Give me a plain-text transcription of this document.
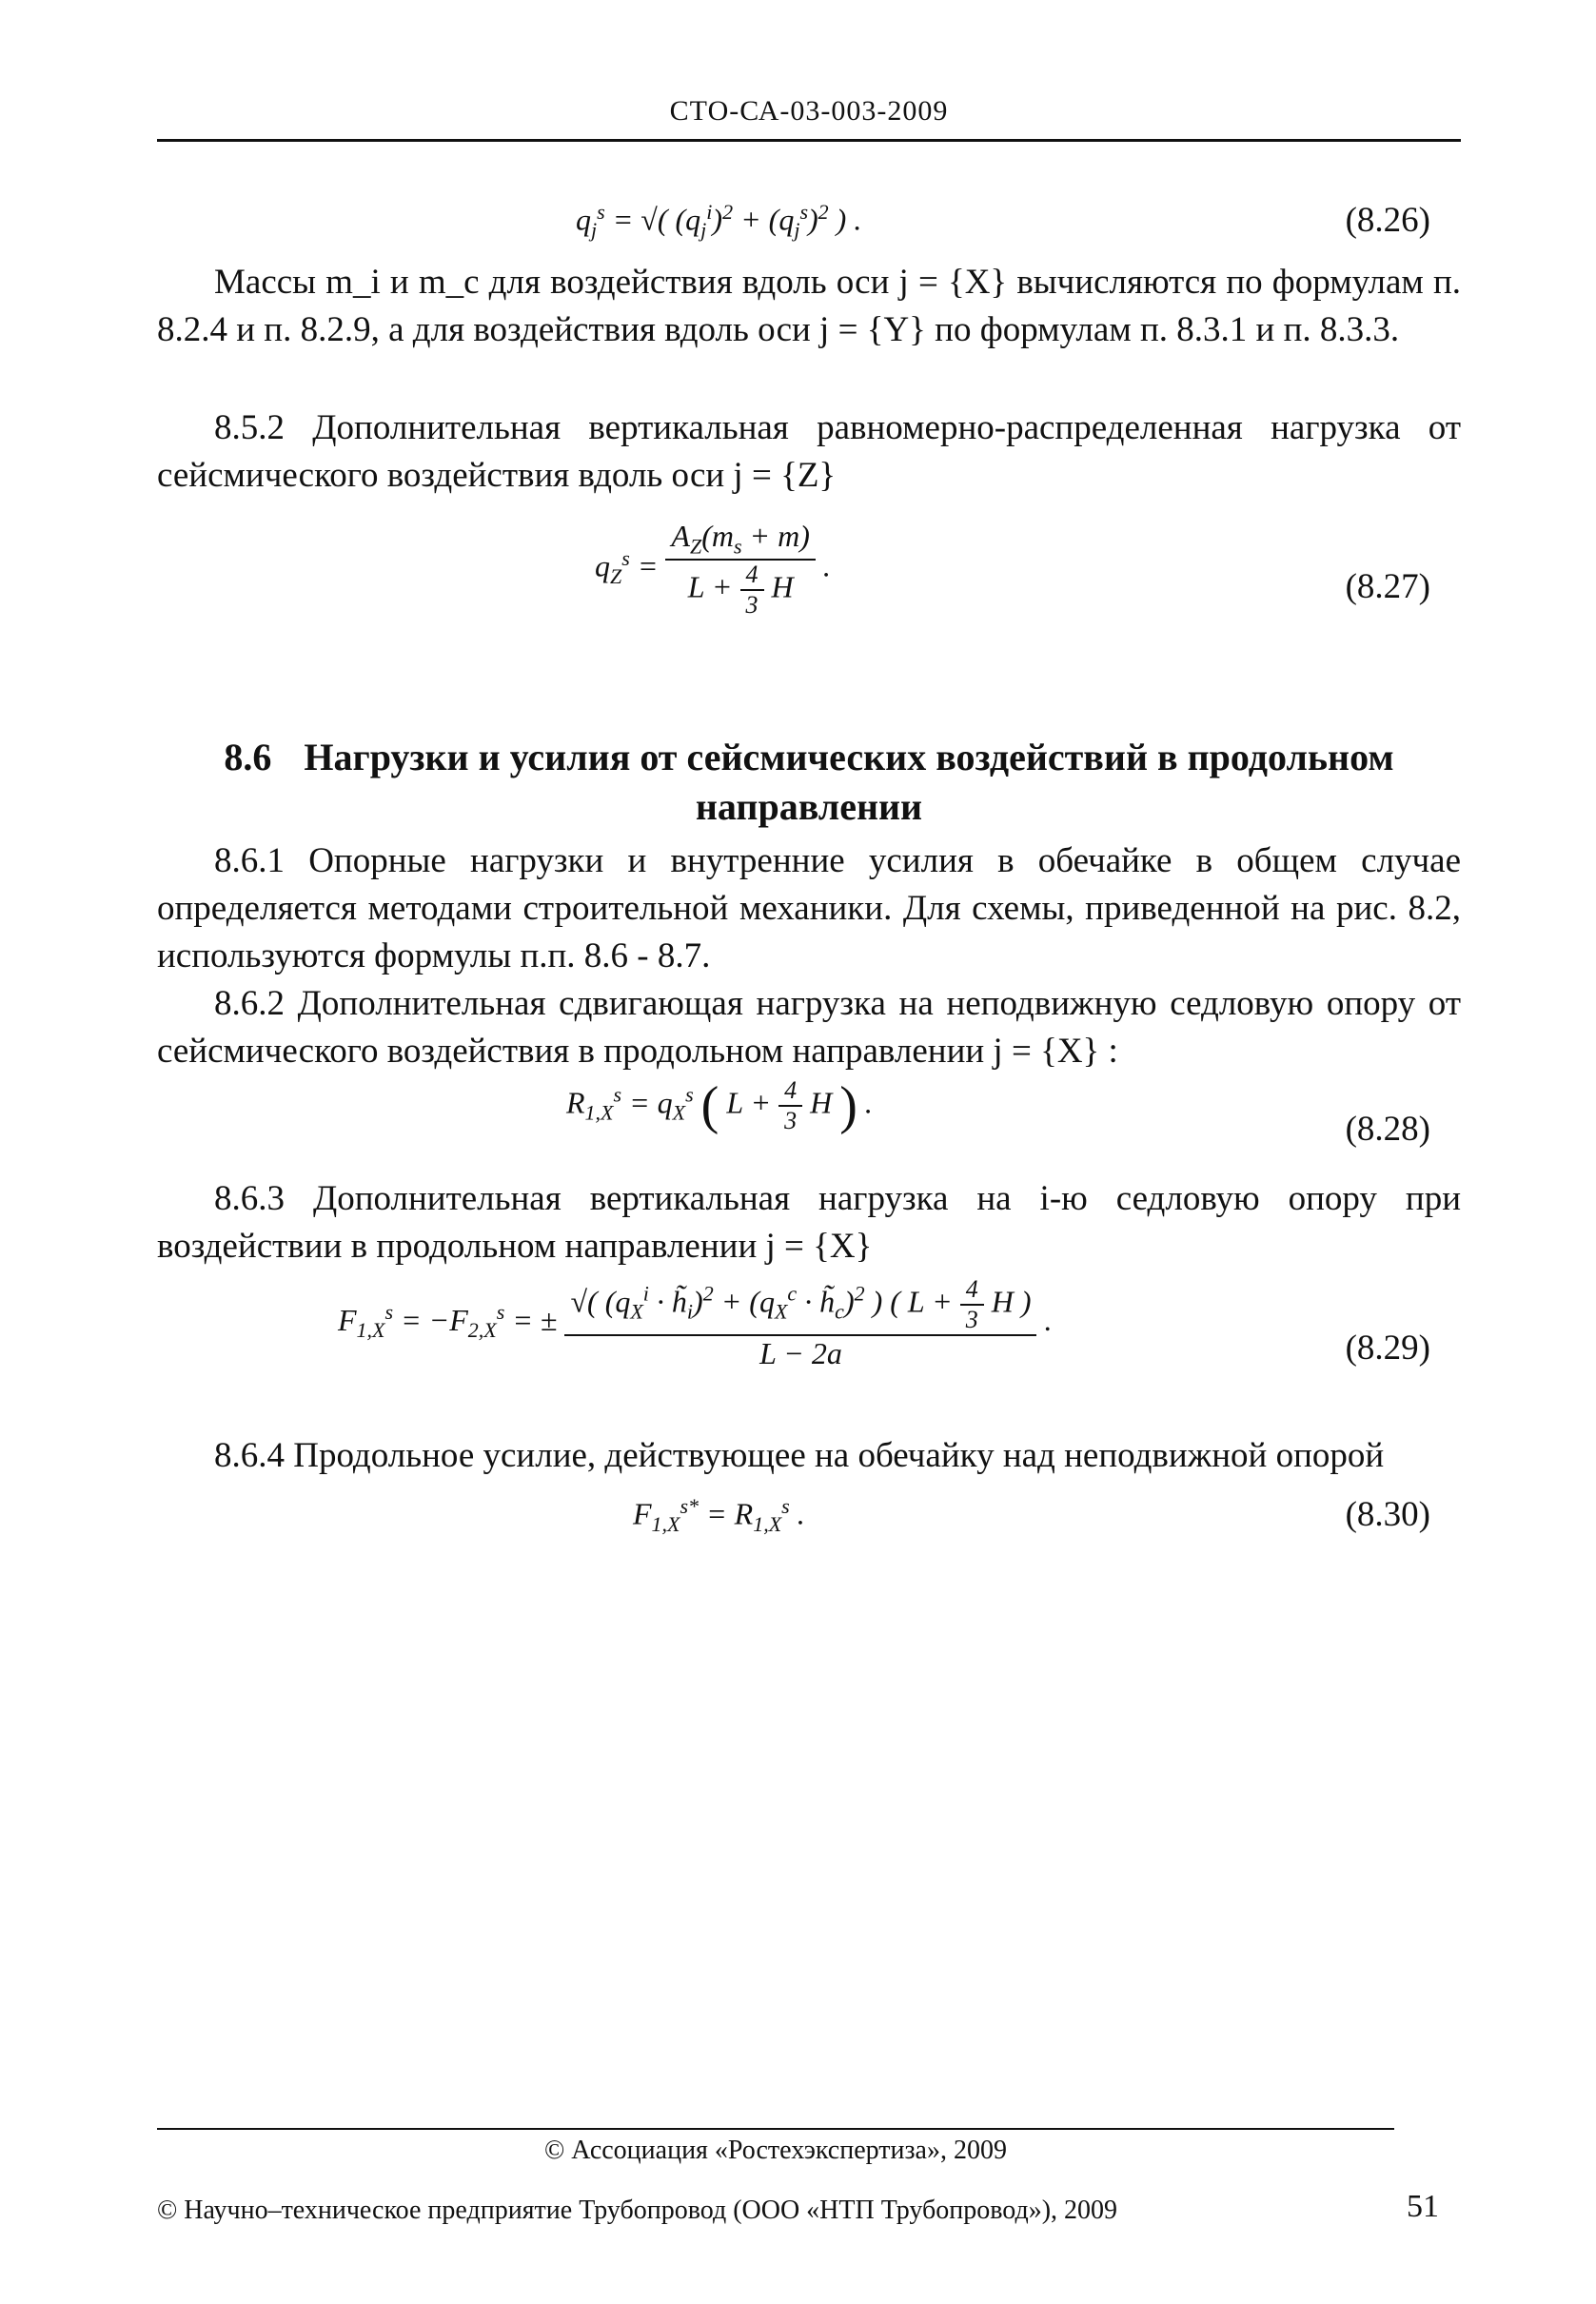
СТО-СА-03-003-2009
$q_j^s$ = √( $(q_j^i)^2 + (q_j^s)^2$ ) .	(8.26)

Массы m_i и m_c для воздействия вдоль оси j = {X} вычисляются по формулам п. 8.2.4 и п. 8.2.9, а для воздействия вдоль оси j = {Y} по формулам п. 8.3.1 и п. 8.3.3.

8.5.2 Дополнительная вертикальная равномерно-распределенная нагрузка от сейсмического воздействия вдоль оси j = {Z}

$q_Z^s = \frac{A_Z(m_s + m)}{L + \frac{4}{3} H}$ .
(8.27)

8.6 Нагрузки и усилия от сейсмических воздействий в продольном направлении

8.6.1 Опорные нагрузки и внутренние усилия в обечайке в общем случае определяется методами строительной механики. Для схемы, приведенной на рис. 8.2, используются формулы п.п. 8.6 - 8.7.

8.6.2 Дополнительная сдвигающая нагрузка на неподвижную седловую опору от сейсмического воздействия в продольном направлении j = {X} :

$R_{1,X}^s = q_X^s$ ( $L + \frac{4}{3}$ H ) .
(8.28)

8.6.3 Дополнительная вертикальная нагрузка на i-ю седловую опору при воздействии в продольном направлении j = {X}

$F_{1,X}^s = -F_{2,X}^s$ = ± $\frac{√( (q_X^i \cdot h̃_i)^2 + (q_X^c \cdot h̃_c)^2 ) ( L + \frac{4}{3} H )}{L - 2a}$ .
(8.29)

8.6.4 Продольное усилие, действующее на обечайку над неподвижной опорой

$F_{1,X}^{s*} = R_{1,X}^s$ .	(8.30)
© Ассоциация «Ростехэкспертиза», 2009
© Научно–техническое предприятие Трубопровод (ООО «НТП Трубопровод»), 2009	51
